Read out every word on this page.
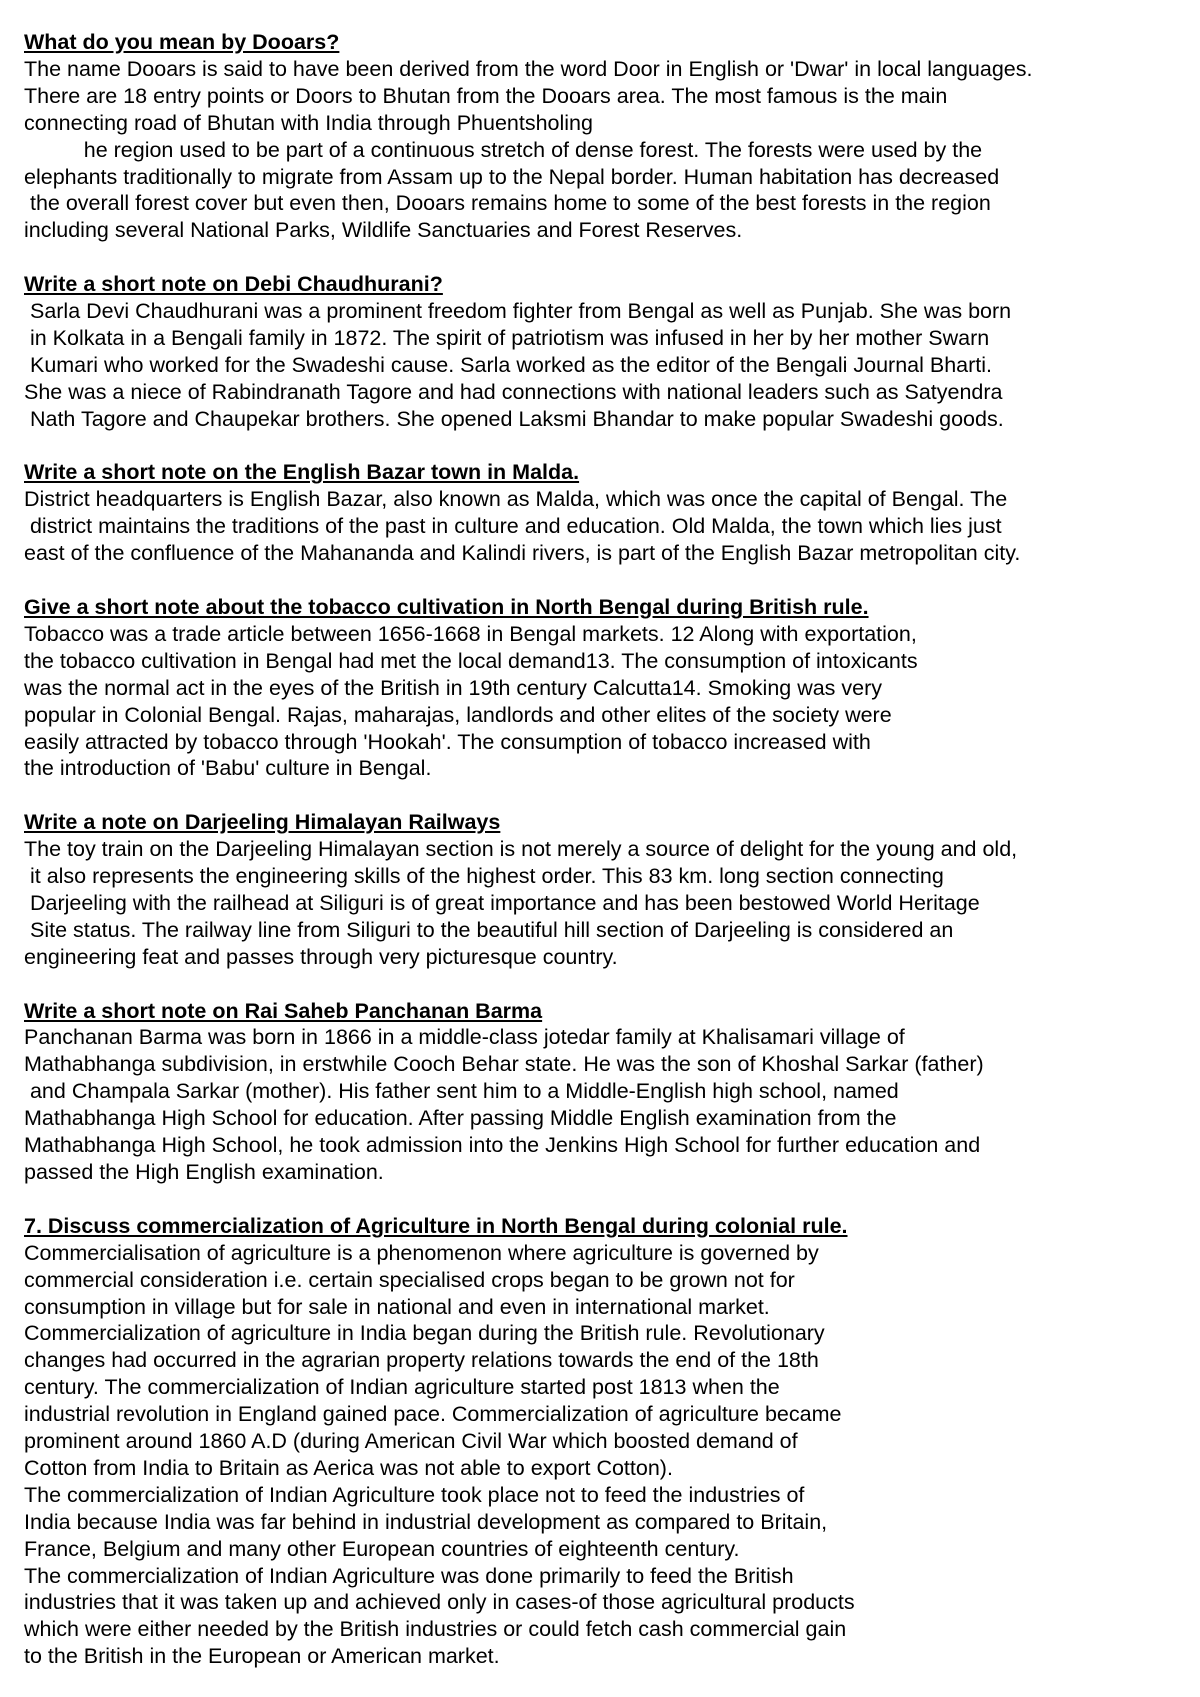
What do you mean by Dooars?
The name Dooars is said to have been derived from the word Door in English or 'Dwar' in local languages.
There are 18 entry points or Doors to Bhutan from the Dooars area. The most famous is the main
connecting road of Bhutan with India through Phuentsholing
he region used to be part of a continuous stretch of dense forest. The forests were used by the
elephants traditionally to migrate from Assam up to the Nepal border. Human habitation has decreased
the overall forest cover but even then, Dooars remains home to some of the best forests in the region
including several National Parks, Wildlife Sanctuaries and Forest Reserves.
Write a short note on Debi Chaudhurani?
Sarla Devi Chaudhurani was a prominent freedom fighter from Bengal as well as Punjab. She was born
in Kolkata in a Bengali family in 1872. The spirit of patriotism was infused in her by her mother Swarn
Kumari who worked for the Swadeshi cause. Sarla worked as the editor of the Bengali Journal Bharti.
She was a niece of Rabindranath Tagore and had connections with national leaders such as Satyendra
Nath Tagore and Chaupekar brothers. She opened Laksmi Bhandar to make popular Swadeshi goods.
Write a short note on the English Bazar town in Malda.
District headquarters is English Bazar, also known as Malda, which was once the capital of Bengal. The
district maintains the traditions of the past in culture and education. Old Malda, the town which lies just
east of the confluence of the Mahananda and Kalindi rivers, is part of the English Bazar metropolitan city.
Give a short note about the tobacco cultivation in North Bengal during British rule.
Tobacco was a trade article between 1656-1668 in Bengal markets. 12 Along with exportation,
the tobacco cultivation in Bengal had met the local demand13. The consumption of intoxicants
was the normal act in the eyes of the British in 19th century Calcutta14. Smoking was very
popular in Colonial Bengal. Rajas, maharajas, landlords and other elites of the society were
easily attracted by tobacco through 'Hookah'. The consumption of tobacco increased with
the introduction of 'Babu' culture in Bengal.
Write a note on Darjeeling Himalayan Railways
The toy train on the Darjeeling Himalayan section is not merely a source of delight for the young and old,
it also represents the engineering skills of the highest order. This 83 km. long section connecting
Darjeeling with the railhead at Siliguri is of great importance and has been bestowed World Heritage
Site status. The railway line from Siliguri to the beautiful hill section of Darjeeling is considered an
engineering feat and passes through very picturesque country.
Write a short note on Rai Saheb Panchanan Barma
Panchanan Barma was born in 1866 in a middle-class jotedar family at Khalisamari village of
Mathabhanga subdivision, in erstwhile Cooch Behar state. He was the son of Khoshal Sarkar (father)
and Champala Sarkar (mother). His father sent him to a Middle-English high school, named
Mathabhanga High School for education. After passing Middle English examination from the
Mathabhanga High School, he took admission into the Jenkins High School for further education and
passed the High English examination.
7. Discuss commercialization of Agriculture in North Bengal during colonial rule.
Commercialisation of agriculture is a phenomenon where agriculture is governed by
commercial consideration i.e. certain specialised crops began to be grown not for
consumption in village but for sale in national and even in international market.
Commercialization of agriculture in India began during the British rule. Revolutionary
changes had occurred in the agrarian property relations towards the end of the 18th
century. The commercialization of Indian agriculture started post 1813 when the
industrial revolution in England gained pace. Commercialization of agriculture became
prominent around 1860 A.D (during American Civil War which boosted demand of
Cotton from India to Britain as Aerica was not able to export Cotton).
The commercialization of Indian Agriculture took place not to feed the industries of
India because India was far behind in industrial development as compared to Britain,
France, Belgium and many other European countries of eighteenth century.
The commercialization of Indian Agriculture was done primarily to feed the British
industries that it was taken up and achieved only in cases-of those agricultural products
which were either needed by the British industries or could fetch cash commercial gain
to the British in the European or American market.
